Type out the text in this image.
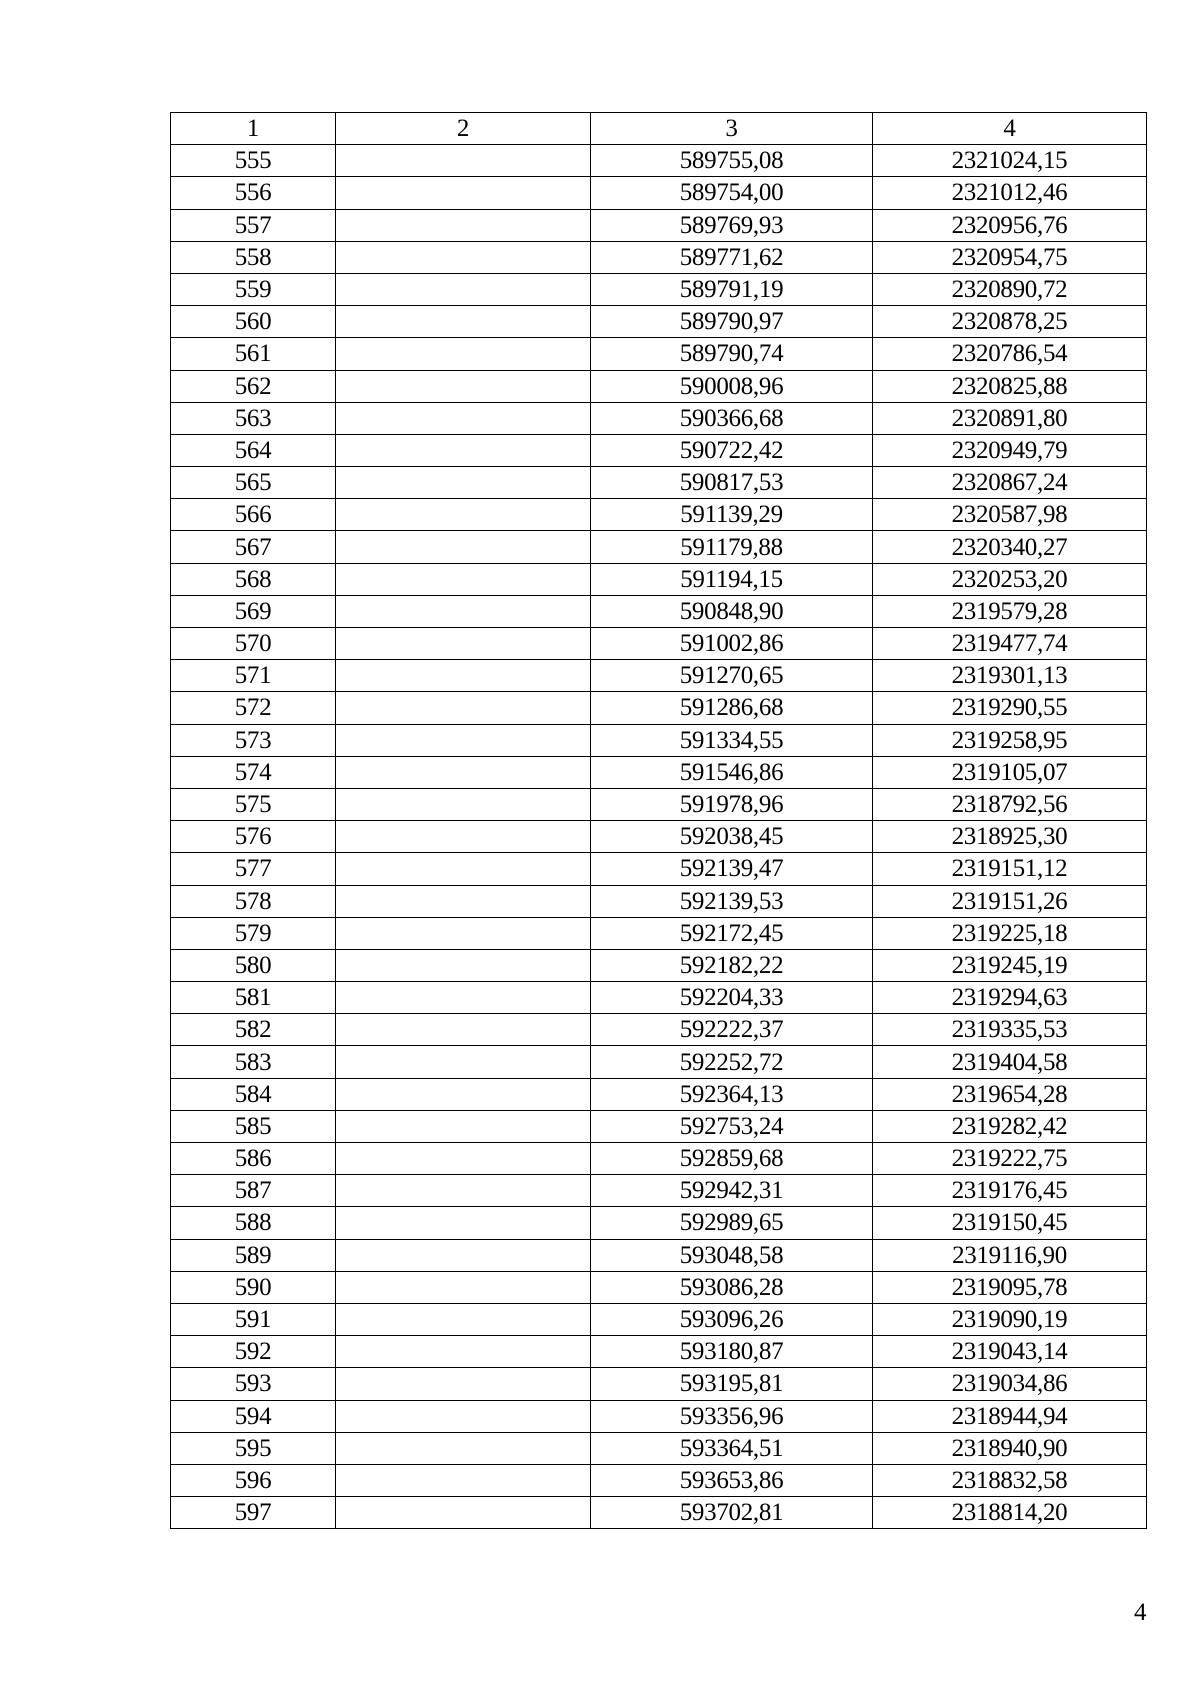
1	2	3	4
555		589755,08	2321024,15
556		589754,00	2321012,46
557		589769,93	2320956,76
558		589771,62	2320954,75
559		589791,19	2320890,72
560		589790,97	2320878,25
561		589790,74	2320786,54
562		590008,96	2320825,88
563		590366,68	2320891,80
564		590722,42	2320949,79
565		590817,53	2320867,24
566		591139,29	2320587,98
567		591179,88	2320340,27
568		591194,15	2320253,20
569		590848,90	2319579,28
570		591002,86	2319477,74
571		591270,65	2319301,13
572		591286,68	2319290,55
573		591334,55	2319258,95
574		591546,86	2319105,07
575		591978,96	2318792,56
576		592038,45	2318925,30
577		592139,47	2319151,12
578		592139,53	2319151,26
579		592172,45	2319225,18
580		592182,22	2319245,19
581		592204,33	2319294,63
582		592222,37	2319335,53
583		592252,72	2319404,58
584		592364,13	2319654,28
585		592753,24	2319282,42
586		592859,68	2319222,75
587		592942,31	2319176,45
588		592989,65	2319150,45
589		593048,58	2319116,90
590		593086,28	2319095,78
591		593096,26	2319090,19
592		593180,87	2319043,14
593		593195,81	2319034,86
594		593356,96	2318944,94
595		593364,51	2318940,90
596		593653,86	2318832,58
597		593702,81	2318814,20
4
